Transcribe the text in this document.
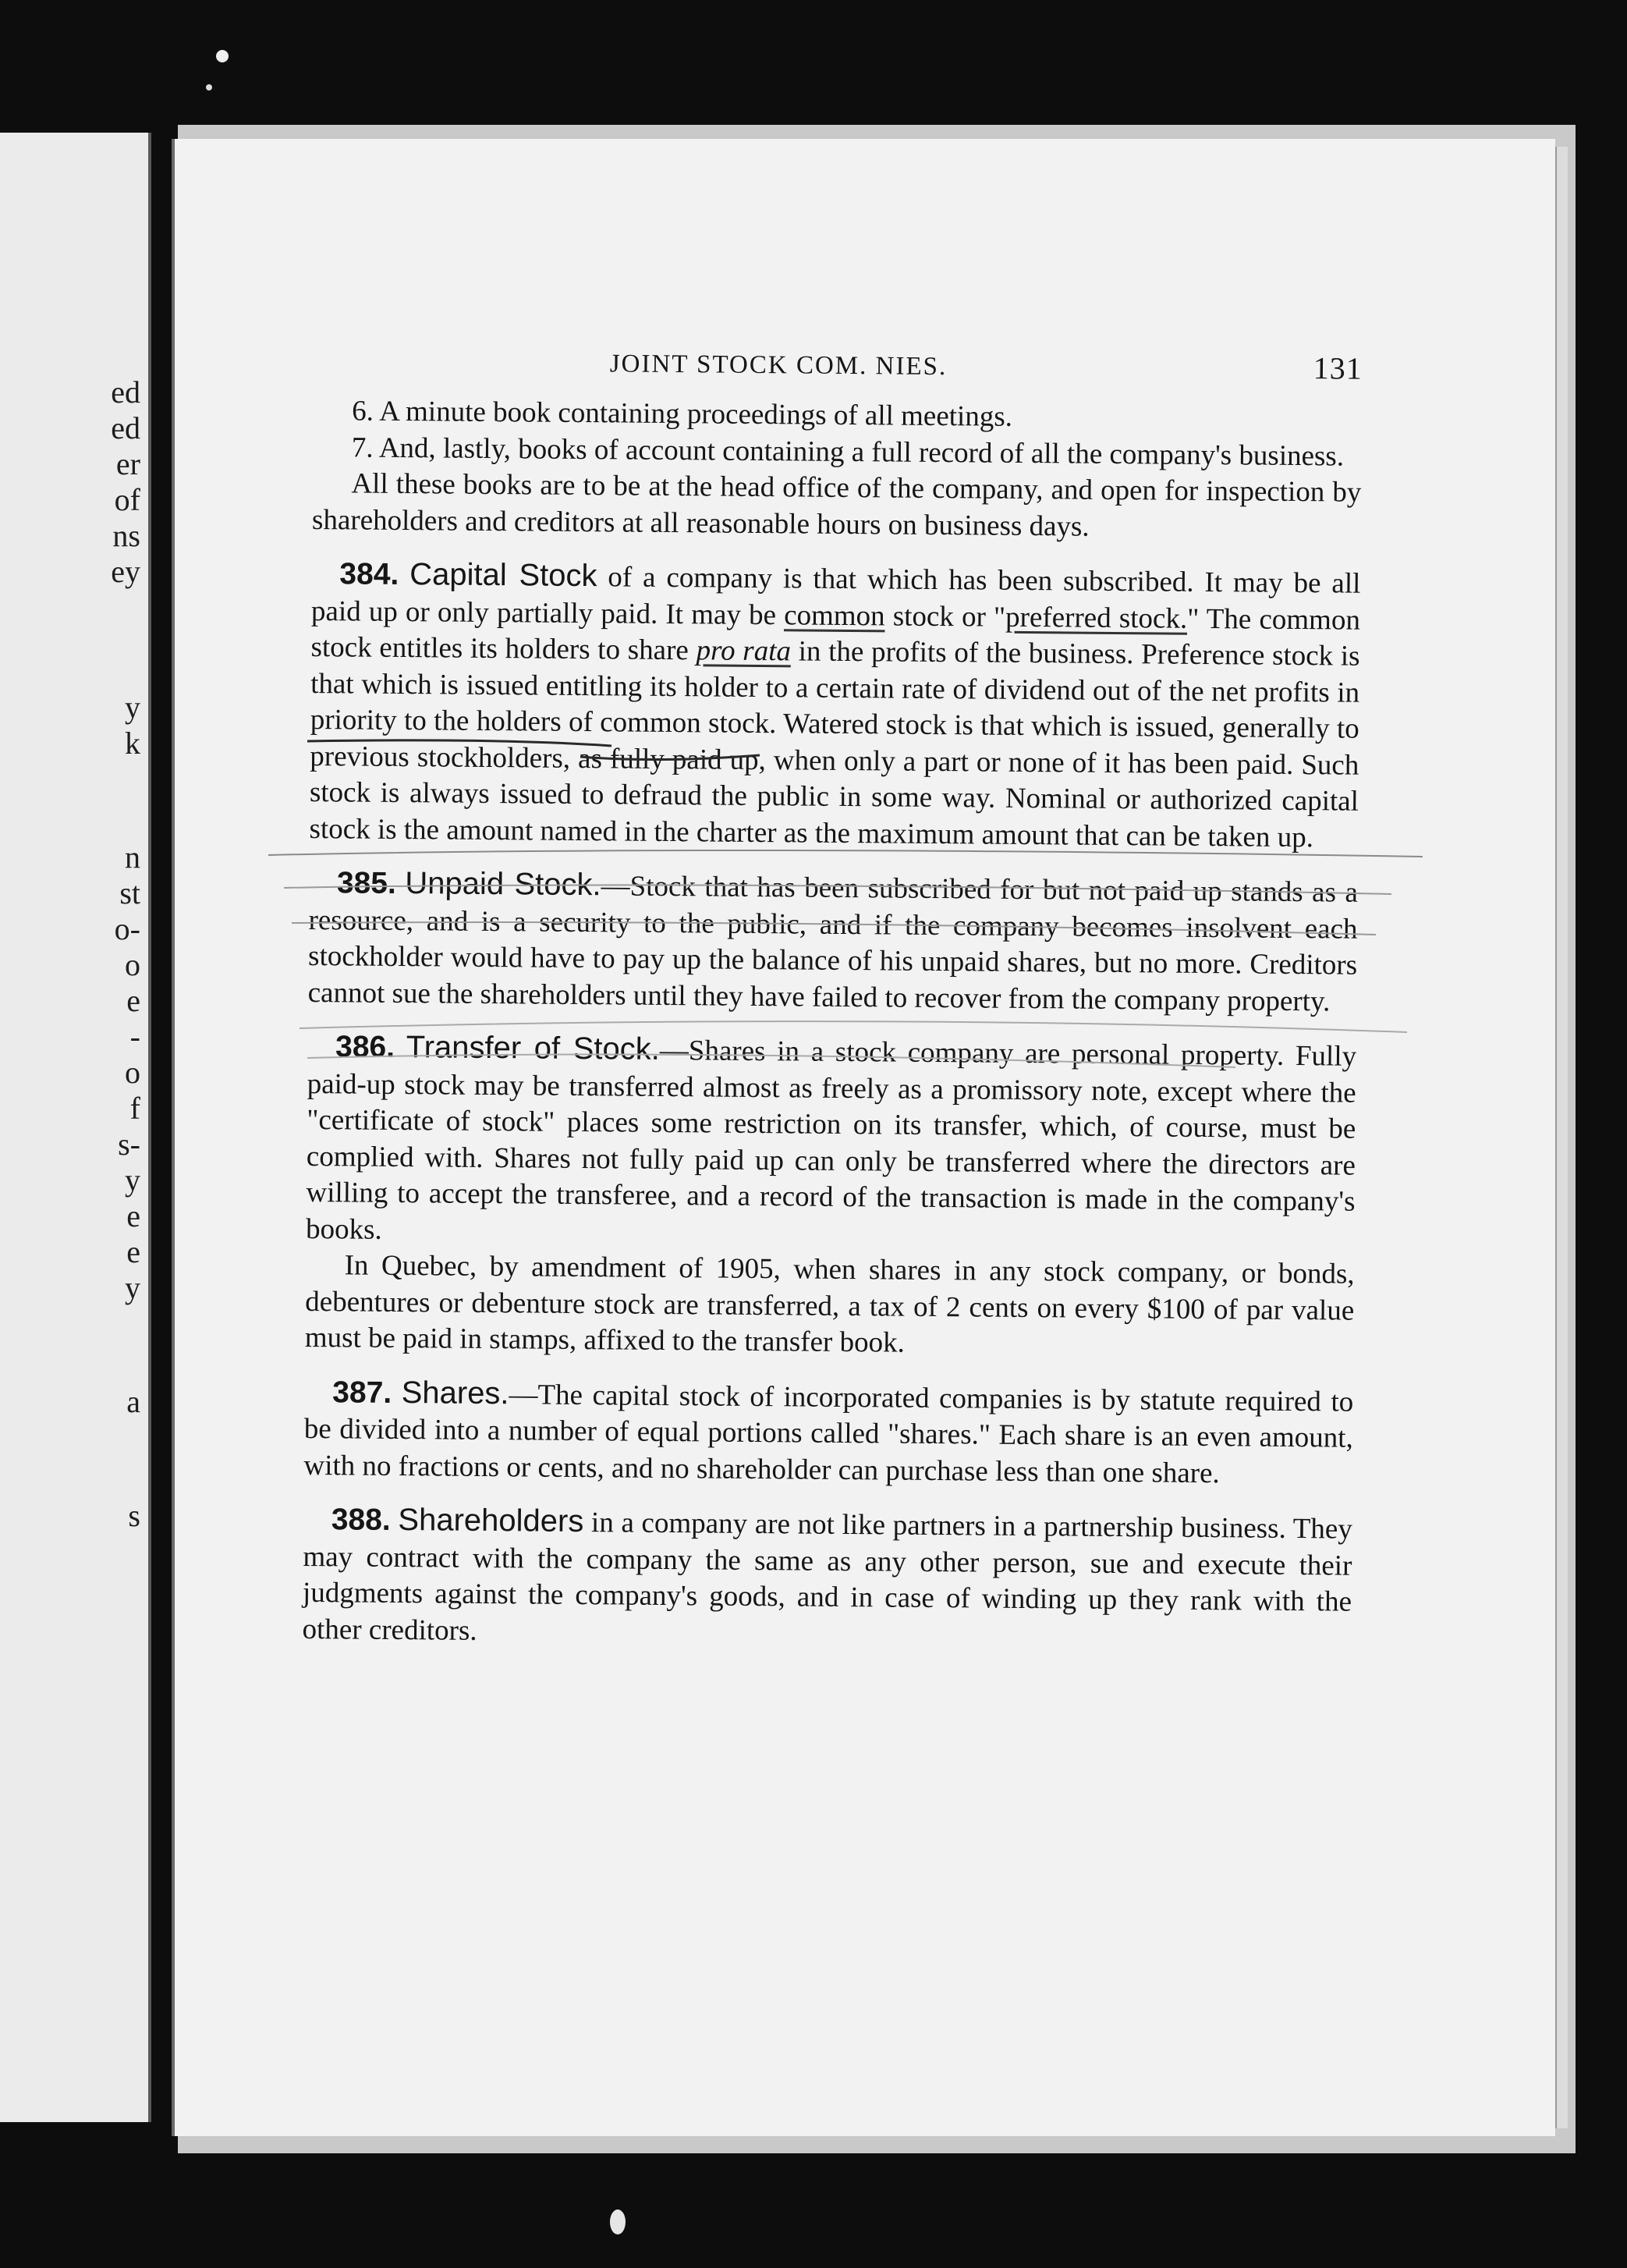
ed
ed
er
of
ns
ey
y
k
n
st
o-
o
e
-
o
f
s-
y
e
e
y
a
s
JOINT STOCK COM. NIES.	131
6. A minute book containing proceedings of all meetings.
7. And, lastly, books of account containing a full record of all the company's business.

All these books are to be at the head office of the company, and open for inspection by shareholders and creditors at all reasonable hours on business days.

384. Capital Stock of a company is that which has been subscribed. It may be all paid up or only partially paid. It may be common stock or "preferred stock." The common stock entitles its holders to share pro rata in the profits of the business. Preference stock is that which is issued entitling its holder to a certain rate of dividend out of the net profits in priority to the holders of common stock. Watered stock is that which is issued, generally to previous stockholders, as fully paid up, when only a part or none of it has been paid. Such stock is always issued to defraud the public in some way. Nominal or authorized capital stock is the amount named in the charter as the maximum amount that can be taken up.
385. Unpaid Stock.—Stock that has been subscribed for but not paid up stands as a resource, and is a security to the public, and if the company becomes insolvent each stockholder would have to pay up the balance of his unpaid shares, but no more. Creditors cannot sue the shareholders until they have failed to recover from the company property.
386. Transfer of Stock.—Shares in a stock company are personal property. Fully paid-up stock may be transferred almost as freely as a promissory note, except where the "certificate of stock" places some restriction on its transfer, which, of course, must be complied with. Shares not fully paid up can only be transferred where the directors are willing to accept the transferee, and a record of the transaction is made in the company's books.

In Quebec, by amendment of 1905, when shares in any stock company, or bonds, debentures or debenture stock are transferred, a tax of 2 cents on every $100 of par value must be paid in stamps, affixed to the transfer book.

387. Shares.—The capital stock of incorporated companies is by statute required to be divided into a number of equal portions called "shares." Each share is an even amount, with no fractions or cents, and no shareholder can purchase less than one share.
388. Shareholders in a company are not like partners in a partnership business. They may contract with the company the same as any other person, sue and execute their judgments against the company's goods, and in case of winding up they rank with the other creditors.
